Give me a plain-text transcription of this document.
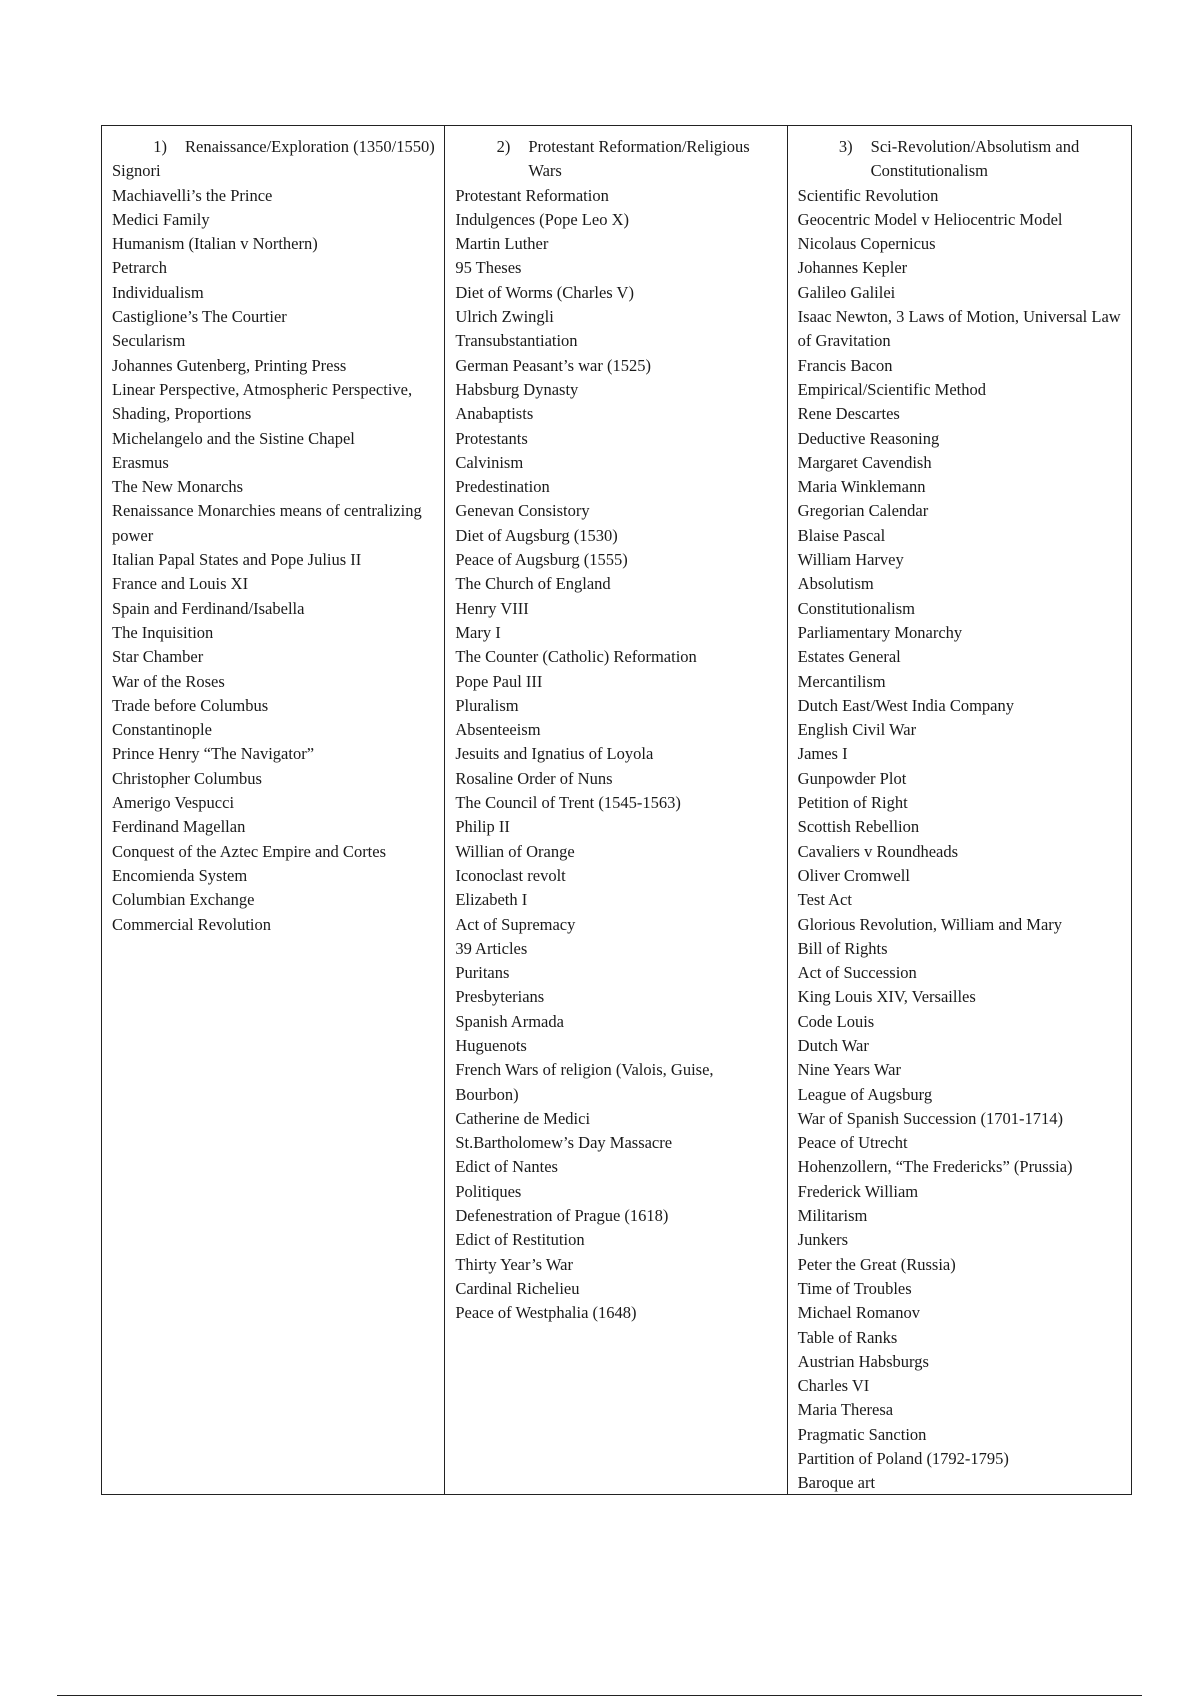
1)	Renaissance/Exploration (1350/1550)
Signori
Machiavelli’s the Prince
Medici Family
Humanism (Italian v Northern)
Petrarch
Individualism
Castiglione’s The Courtier
Secularism
Johannes Gutenberg, Printing Press
Linear Perspective, Atmospheric Perspective, Shading, Proportions
Michelangelo and the Sistine Chapel
Erasmus
The New Monarchs
Renaissance Monarchies means of centralizing power
Italian Papal States and Pope Julius II
France and Louis XI
Spain and Ferdinand/Isabella
The Inquisition
Star Chamber
War of the Roses
Trade before Columbus
Constantinople
Prince Henry “The Navigator”
Christopher Columbus
Amerigo Vespucci
Ferdinand Magellan
Conquest of the Aztec Empire and Cortes
Encomienda System
Columbian Exchange
Commercial Revolution
2)	Protestant Reformation/Religious Wars
Protestant Reformation
Indulgences (Pope Leo X)
Martin Luther
95 Theses
Diet of Worms (Charles V)
Ulrich Zwingli
Transubstantiation
German Peasant’s war (1525)
Habsburg Dynasty
Anabaptists
Protestants
Calvinism
Predestination
Genevan Consistory
Diet of Augsburg (1530)
Peace of Augsburg (1555)
The Church of England
Henry VIII
Mary I
The Counter (Catholic) Reformation
Pope Paul III
Pluralism
Absenteeism
Jesuits and Ignatius of Loyola
Rosaline Order of Nuns
The Council of Trent (1545-1563)
Philip II
Willian of Orange
Iconoclast revolt
Elizabeth I
Act of Supremacy
39 Articles
Puritans
Presbyterians
Spanish Armada
Huguenots
French Wars of religion (Valois, Guise, Bourbon)
Catherine de Medici
St.Bartholomew’s Day Massacre
Edict of Nantes
Politiques
Defenestration of Prague (1618)
Edict of Restitution
Thirty Year’s War
Cardinal Richelieu
Peace of Westphalia (1648)
3)	Sci-Revolution/Absolutism and Constitutionalism
Scientific Revolution
Geocentric Model v Heliocentric Model
Nicolaus Copernicus
Johannes Kepler
Galileo Galilei
Isaac Newton, 3 Laws of Motion, Universal Law of Gravitation
Francis Bacon
Empirical/Scientific Method
Rene Descartes
Deductive Reasoning
Margaret Cavendish
Maria Winklemann
Gregorian Calendar
Blaise Pascal
William Harvey
Absolutism
Constitutionalism
Parliamentary Monarchy
Estates General
Mercantilism
Dutch East/West India Company
English Civil War
James I
Gunpowder Plot
Petition of Right
Scottish Rebellion
Cavaliers v Roundheads
Oliver Cromwell
Test Act
Glorious Revolution, William and Mary
Bill of Rights
Act of Succession
King Louis XIV, Versailles
Code Louis
Dutch War
Nine Years War
League of Augsburg
War of Spanish Succession (1701-1714)
Peace of Utrecht
Hohenzollern, “The Fredericks” (Prussia)
Frederick William
Militarism
Junkers
Peter the Great (Russia)
Time of Troubles
Michael Romanov
Table of Ranks
Austrian Habsburgs
Charles VI
Maria Theresa
Pragmatic Sanction
Partition of Poland (1792-1795)
Baroque art
